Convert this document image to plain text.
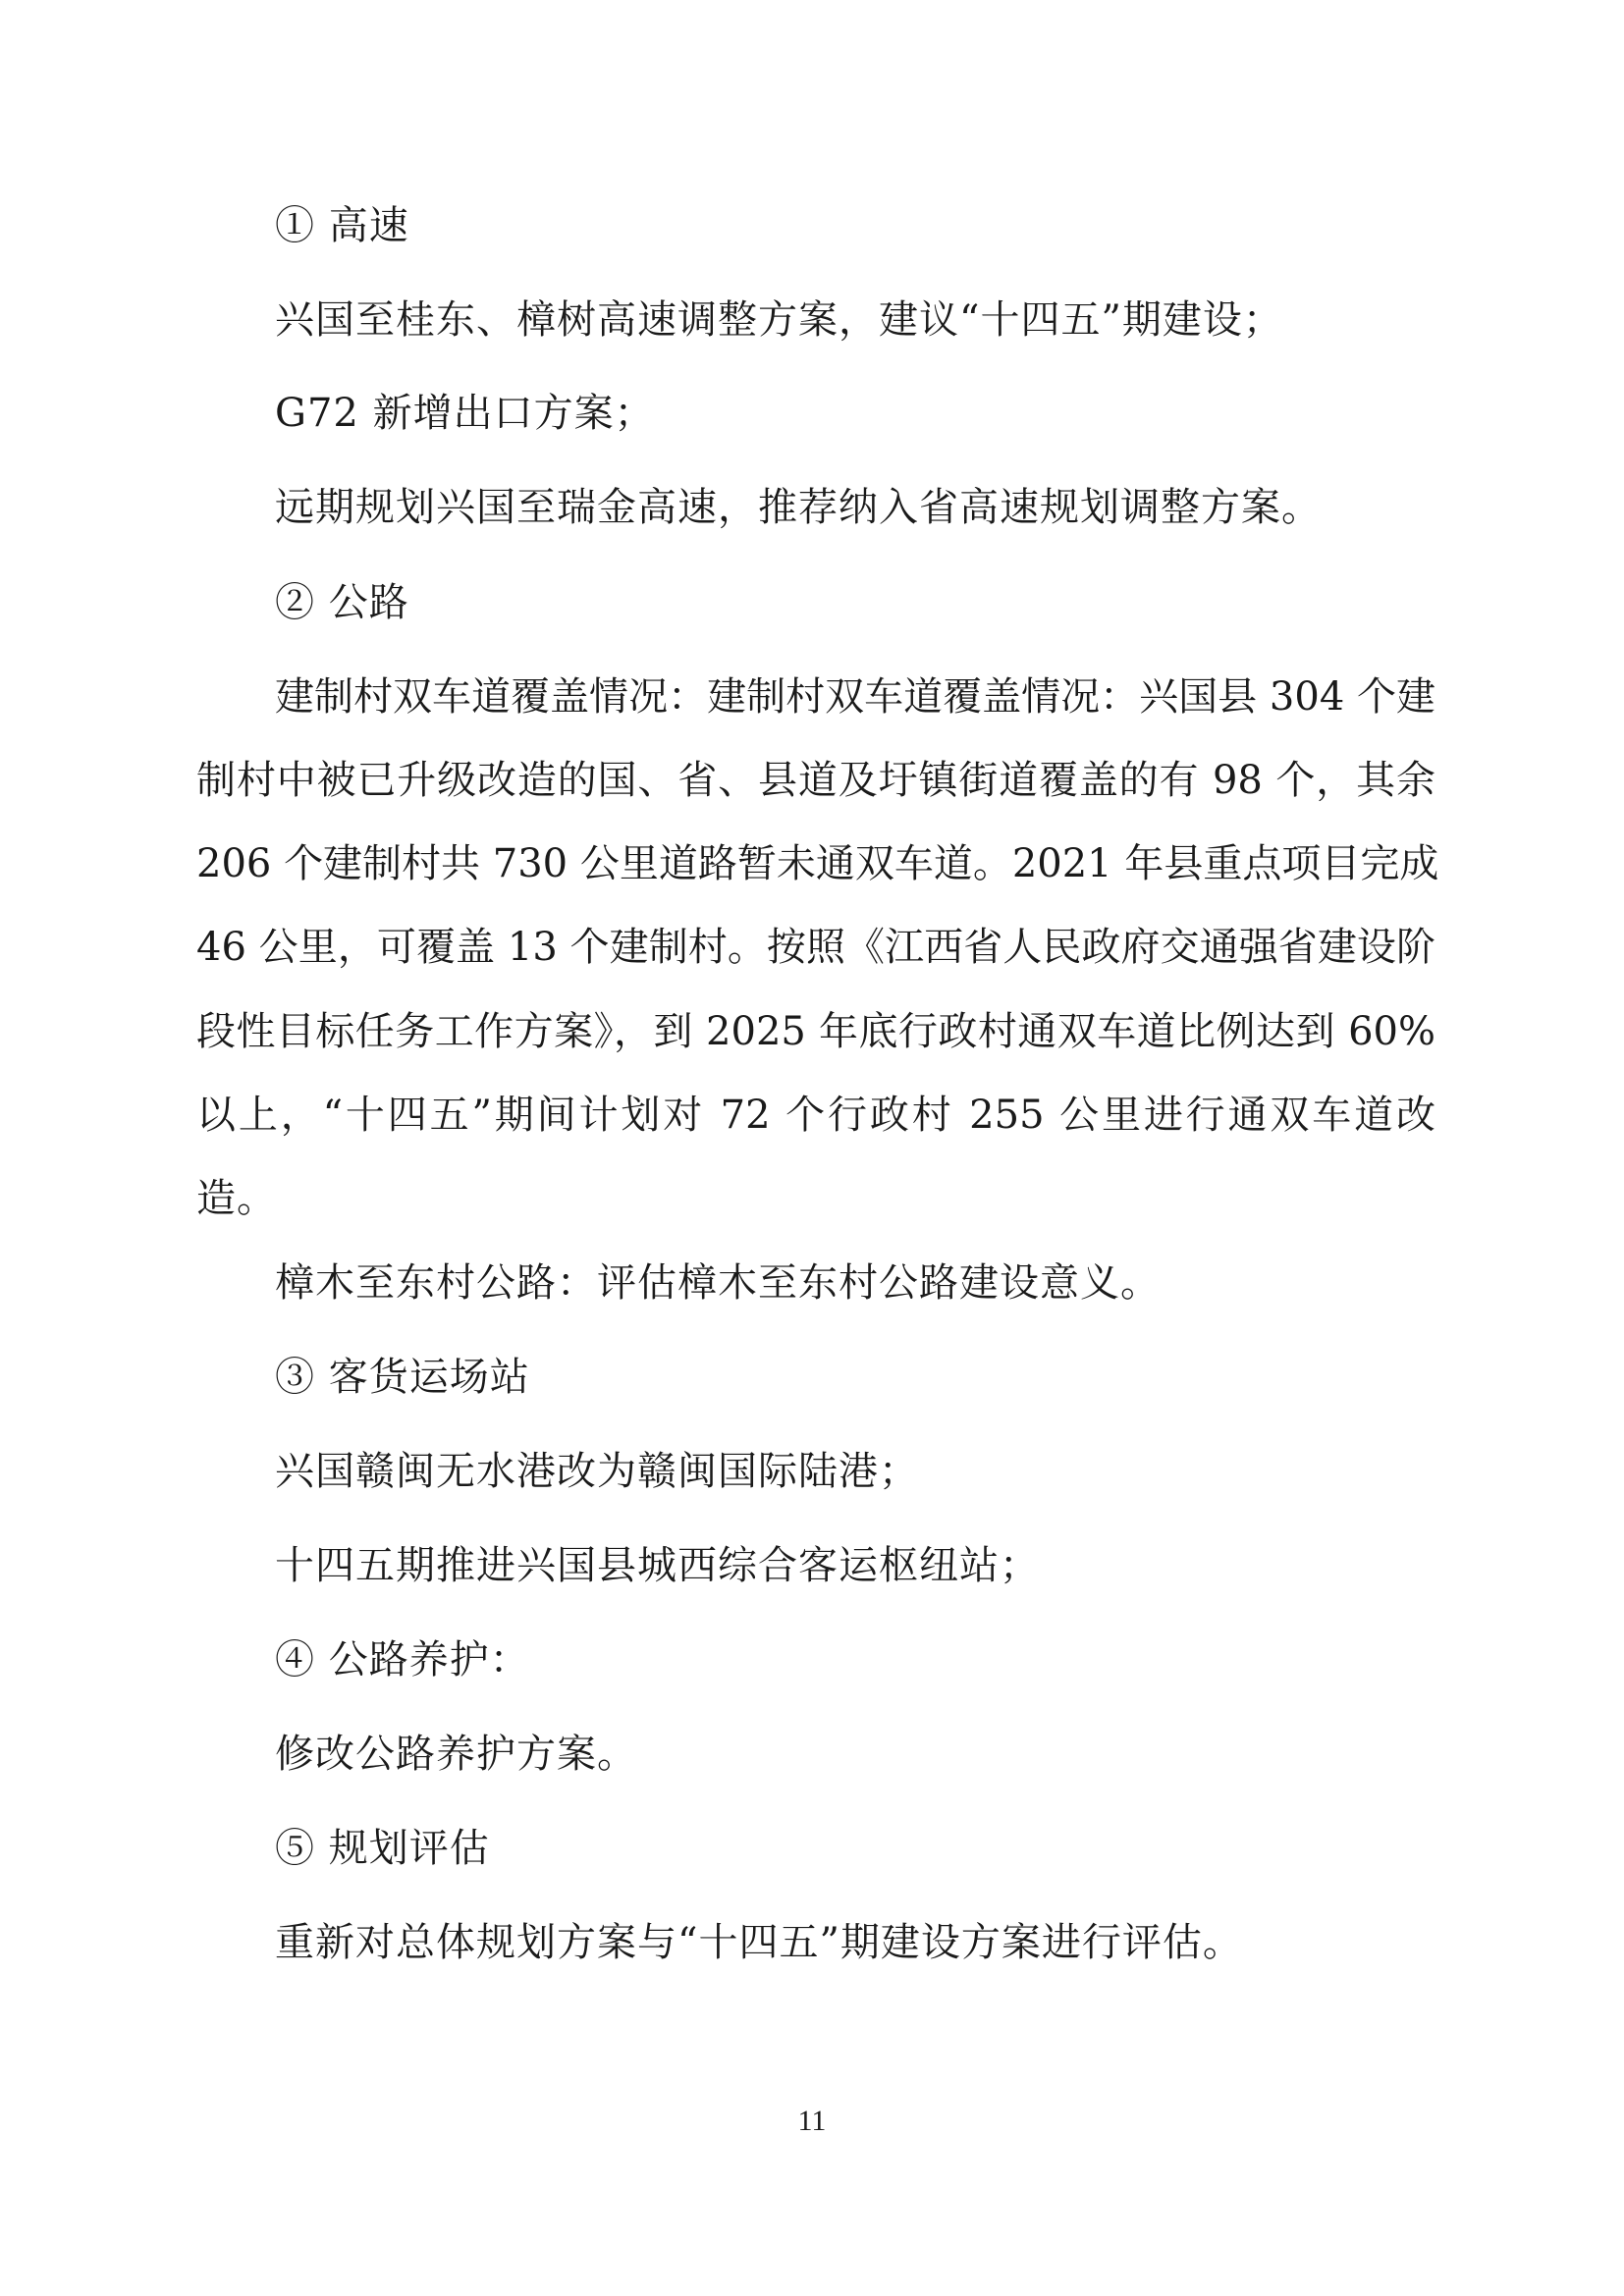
① 高速
兴国至桂东、樟树高速调整方案，建议“十四五”期建设；
G72 新增出口方案；
远期规划兴国至瑞金高速，推荐纳入省高速规划调整方案。
② 公路
建制村双车道覆盖情况：建制村双车道覆盖情况：兴国县 304 个建
制村中被已升级改造的国、省、县道及圩镇街道覆盖的有 98 个，其余
206 个建制村共 730 公里道路暂未通双车道。2021 年县重点项目完成
46 公里，可覆盖 13 个建制村。按照《江西省人民政府交通强省建设阶
段性目标任务工作方案》，到 2025 年底行政村通双车道比例达到 60%
以上，“十四五”期间计划对 72 个行政村 255 公里进行通双车道改
造。
樟木至东村公路：评估樟木至东村公路建设意义。
③ 客货运场站
兴国赣闽无水港改为赣闽国际陆港；
十四五期推进兴国县城西综合客运枢纽站；
④ 公路养护：
修改公路养护方案。
⑤ 规划评估
重新对总体规划方案与“十四五”期建设方案进行评估。
11
